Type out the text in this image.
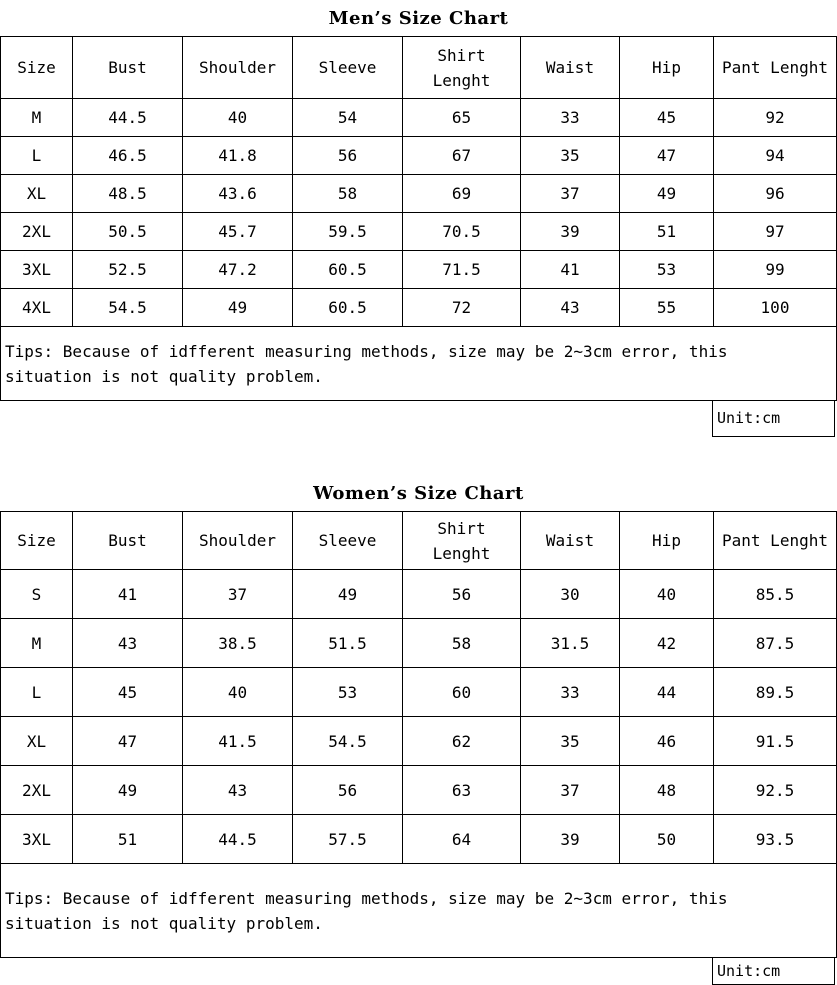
Men’s Size Chart
Size	Bust	Shoulder	Sleeve	Shirt Lenght	Waist	Hip	Pant Lenght
M	44.5	40	54	65	33	45	92
L	46.5	41.8	56	67	35	47	94
XL	48.5	43.6	58	69	37	49	96
2XL	50.5	45.7	59.5	70.5	39	51	97
3XL	52.5	47.2	60.5	71.5	41	53	99
4XL	54.5	49	60.5	72	43	55	100

Tips: Because of idfferent measuring methods, size may be 2~3cm error, this
situation is not quality problem.							
Unit:cm
Women’s Size Chart
Size	Bust	Shoulder	Sleeve	Shirt Lenght	Waist	Hip	Pant Lenght
S	41	37	49	56	30	40	85.5
M	43	38.5	51.5	58	31.5	42	87.5
L	45	40	53	60	33	44	89.5
XL	47	41.5	54.5	62	35	46	91.5
2XL	49	43	56	63	37	48	92.5
3XL	51	44.5	57.5	64	39	50	93.5

Tips: Because of idfferent measuring methods, size may be 2~3cm error, this
situation is not quality problem.							
Unit:cm
